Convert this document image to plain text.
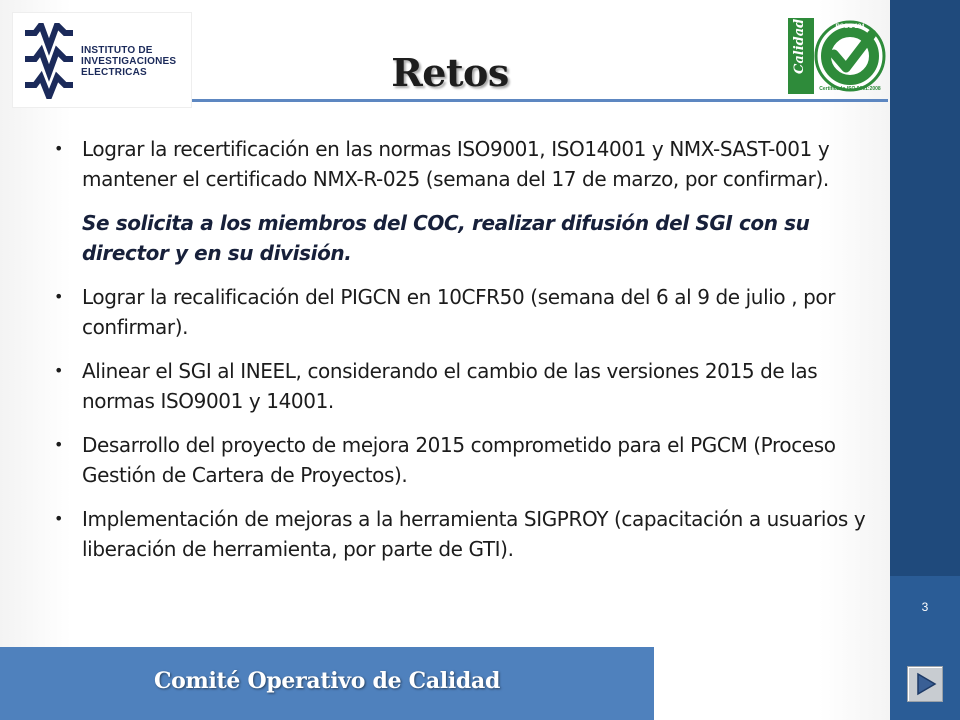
INSTITUTO DE
INVESTIGACIONES
ELECTRICAS	Retos
RSGC 124
Certificado ISO 9001:2008
Calidad
• Lograr la recertificación en las normas ISO9001, ISO14001 y NMX-SAST-001 y mantener el certificado NMX-R-025 (semana del 17 de marzo, por confirmar).
Se solicita a los miembros del COC, realizar difusión del SGI con su director y en su división.
• Lograr la recalificación del PIGCN en 10CFR50 (semana del 6 al 9 de julio , por confirmar).
• Alinear el SGI al INEEL, considerando el cambio de las versiones 2015 de las normas ISO9001 y 14001.
• Desarrollo del proyecto de mejora 2015 comprometido para el PGCM (Proceso Gestión de Cartera de Proyectos).
• Implementación de mejoras a la herramienta SIGPROY (capacitación a usuarios y liberación de herramienta, por parte de GTI).
3
Comité Operativo de Calidad
